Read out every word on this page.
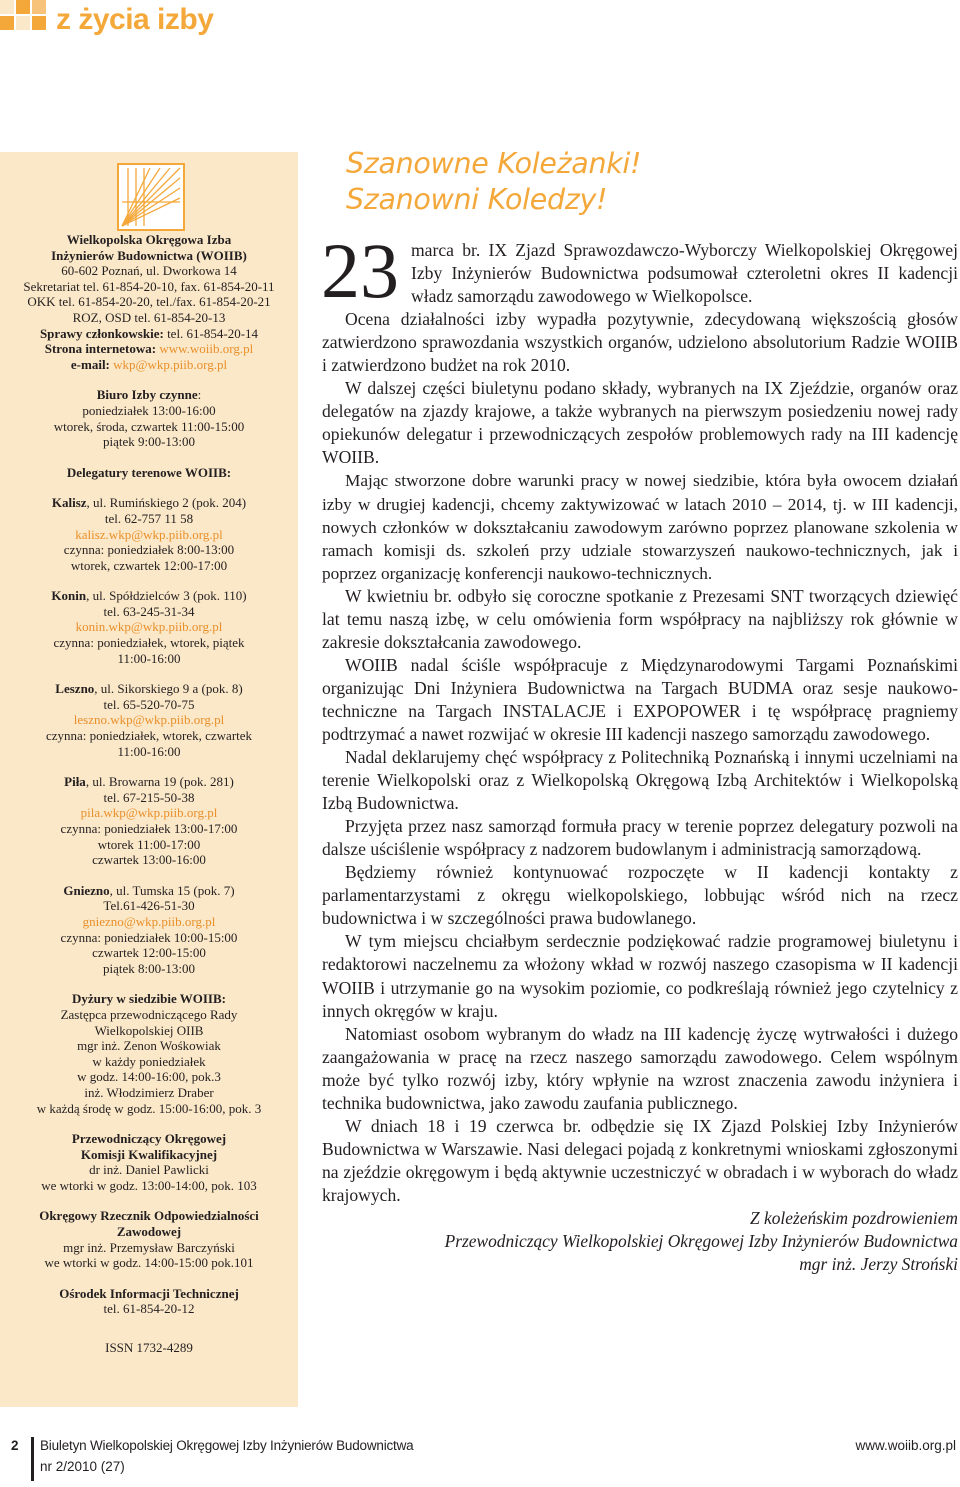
z życia izby

Wielkopolska Okręgowa Izba

Inżynierów Budownictwa (WOIIB)

60-602 Poznań, ul. Dworkowa 14

Sekretariat tel. 61-854-20-10, fax. 61-854-20-11

OKK tel. 61-854-20-20, tel./fax. 61-854-20-21

ROZ, OSD tel. 61-854-20-13

Sprawy członkowskie: tel. 61-854-20-14

Strona internetowa: www.woiib.org.pl

e-mail: wkp@wkp.piib.org.pl

Biuro Izby czynne:

poniedziałek 13:00-16:00

wtorek, środa, czwartek 11:00-15:00

piątek 9:00-13:00

Delegatury terenowe WOIIB:

Kalisz, ul. Rumińskiego 2 (pok. 204)

tel. 62-757 11 58

kalisz.wkp@wkp.piib.org.pl

czynna: poniedziałek 8:00-13:00

wtorek, czwartek 12:00-17:00

Konin, ul. Spółdzielców 3 (pok. 110)

tel. 63-245-31-34

konin.wkp@wkp.piib.org.pl

czynna: poniedziałek, wtorek, piątek

11:00-16:00

Leszno, ul. Sikorskiego 9 a (pok. 8)

tel. 65-520-70-75

leszno.wkp@wkp.piib.org.pl

czynna: poniedziałek, wtorek, czwartek

11:00-16:00

Piła, ul. Browarna 19 (pok. 281)

tel. 67-215-50-38

pila.wkp@wkp.piib.org.pl

czynna: poniedziałek 13:00-17:00

wtorek 11:00-17:00

czwartek 13:00-16:00

Gniezno, ul. Tumska 15 (pok. 7)

Tel.61-426-51-30

gniezno@wkp.piib.org.pl

czynna: poniedziałek 10:00-15:00

czwartek 12:00-15:00

piątek 8:00-13:00

Dyżury w siedzibie WOIIB:

Zastępca przewodniczącego Rady

Wielkopolskiej OIIB

mgr inż. Zenon Wośkowiak

w każdy poniedziałek

w godz. 14:00-16:00, pok.3

inż. Włodzimierz Draber

w każdą środę w godz. 15:00-16:00, pok. 3

Przewodniczący Okręgowej

Komisji Kwalifikacyjnej

dr inż. Daniel Pawlicki

we wtorki w godz. 13:00-14:00, pok. 103

Okręgowy Rzecznik Odpowiedzialności

Zawodowej

mgr inż. Przemysław Barczyński

we wtorki w godz. 14:00-15:00 pok.101

Ośrodek Informacji Technicznej

tel. 61-854-20-12

ISSN 1732-4289

Szanowne Koleżanki!

Szanowni Koledzy!

23 marca br. IX Zjazd Sprawozdawczo-Wyborczy Wielkopolskiej Okręgowej Izby Inżynierów Budownictwa podsumował czteroletni okres II kadencji władz samorządu zawodowego w Wielkopolsce.

Ocena działalności izby wypadła pozytywnie, zdecydowaną większością głosów zatwierdzono sprawozdania wszystkich organów, udzielono absolutorium Radzie WOIIB i zatwierdzono budżet na rok 2010.

W dalszej części biuletynu podano składy, wybranych na IX Zjeździe, organów oraz delegatów na zjazdy krajowe, a także wybranych na pierwszym posiedzeniu nowej rady opiekunów delegatur i przewodniczących zespołów problemowych rady na III kadencję WOIIB.

Mając stworzone dobre warunki pracy w nowej siedzibie, która była owocem działań izby w drugiej kadencji, chcemy zaktywizować w latach 2010 – 2014, tj. w III kadencji, nowych członków w dokształcaniu zawodowym zarówno poprzez planowane szkolenia w ramach komisji ds. szkoleń przy udziale stowarzyszeń naukowo-technicznych, jak i poprzez organizację konferencji naukowo-technicznych.

W kwietniu br. odbyło się coroczne spotkanie z Prezesami SNT tworzących dziewięć lat temu naszą izbę, w celu omówienia form współpracy na najbliższy rok głównie w zakresie dokształcania zawodowego.

WOIIB nadal ściśle współpracuje z Międzynarodowymi Targami Poznańskimi organizując Dni Inżyniera Budownictwa na Targach BUDMA oraz sesje naukowo-techniczne na Targach INSTALACJE i EXPOPOWER i tę współpracę pragniemy podtrzymać a nawet rozwijać w okresie III kadencji naszego samorządu zawodowego.

Nadal deklarujemy chęć współpracy z Politechniką Poznańską i innymi uczelniami na terenie Wielkopolski oraz z Wielkopolską Okręgową Izbą Architektów i Wielkopolską Izbą Budownictwa.

Przyjęta przez nasz samorząd formuła pracy w terenie poprzez delegatury pozwoli na dalsze uściślenie współpracy z nadzorem budowlanym i administracją samorządową.

Będziemy również kontynuować rozpoczęte w II kadencji kontakty z parlamentarzystami z okręgu wielkopolskiego, lobbując wśród nich na rzecz budownictwa i w szczególności prawa budowlanego.

W tym miejscu chciałbym serdecznie podziękować radzie programowej biuletynu i redaktorowi naczelnemu za włożony wkład w rozwój naszego czasopisma w II kadencji WOIIB i utrzymanie go na wysokim poziomie, co podkreślają również jego czytelnicy z innych okręgów w kraju.

Natomiast osobom wybranym do władz na III kadencję życzę wytrwałości i dużego zaangażowania w pracę na rzecz naszego samorządu zawodowego. Celem wspólnym może być tylko rozwój izby, który wpłynie na wzrost znaczenia zawodu inżyniera i technika budownictwa, jako zawodu zaufania publicznego.

W dniach 18 i 19 czerwca br. odbędzie się IX Zjazd Polskiej Izby Inżynierów Budownictwa w Warszawie. Nasi delegaci pojadą z konkretnymi wnioskami zgłoszonymi na zjeździe okręgowym i będą aktywnie uczestniczyć w obradach i w wyborach do władz krajowych.

Z koleżeńskim pozdrowieniem

Przewodniczący Wielkopolskiej Okręgowej Izby Inżynierów Budownictwa

mgr inż. Jerzy Stroński

2 Biuletyn Wielkopolskiej Okręgowej Izby Inżynierów Budownictwa
nr 2/2010 (27)
www.woiib.org.pl
